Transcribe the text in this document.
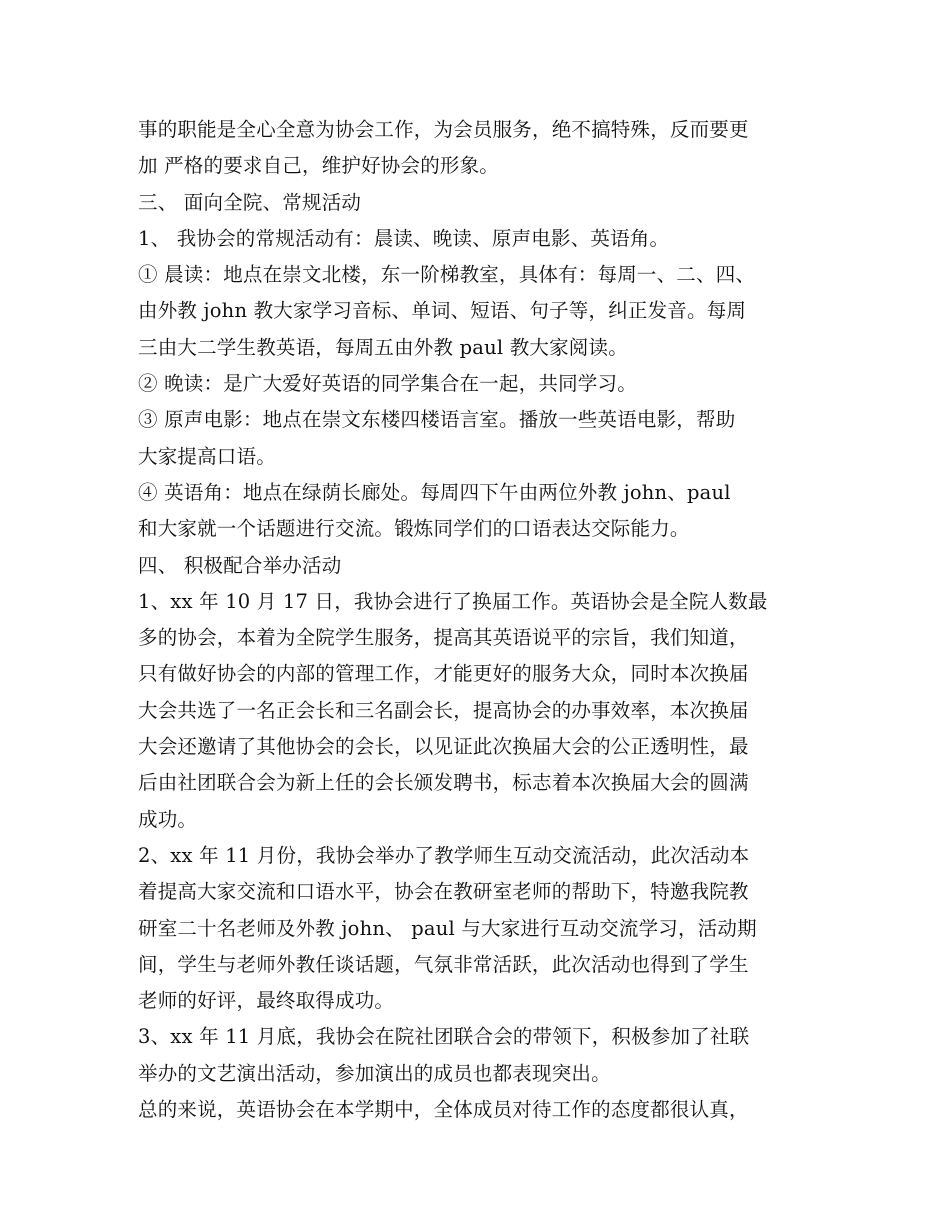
事的职能是全心全意为协会工作，为会员服务，绝不搞特殊，反而要更
加 严格的要求自己，维护好协会的形象。
三、 面向全院、常规活动
1、 我协会的常规活动有：晨读、晚读、原声电影、英语角。
① 晨读：地点在崇文北楼，东一阶梯教室，具体有：每周一、二、四、
由外教 john 教大家学习音标、单词、短语、句子等，纠正发音。每周
三由大二学生教英语，每周五由外教 paul 教大家阅读。
② 晚读：是广大爱好英语的同学集合在一起，共同学习。
③ 原声电影：地点在崇文东楼四楼语言室。播放一些英语电影，帮助
大家提高口语。
④ 英语角：地点在绿荫长廊处。每周四下午由两位外教 john、paul
和大家就一个话题进行交流。锻炼同学们的口语表达交际能力。
四、 积极配合举办活动
1、xx 年 10 月 17 日，我协会进行了换届工作。英语协会是全院人数最
多的协会，本着为全院学生服务，提高其英语说平的宗旨，我们知道，
只有做好协会的内部的管理工作，才能更好的服务大众，同时本次换届
大会共选了一名正会长和三名副会长，提高协会的办事效率，本次换届
大会还邀请了其他协会的会长，以见证此次换届大会的公正透明性，最
后由社团联合会为新上任的会长颁发聘书，标志着本次换届大会的圆满
成功。
2、xx 年 11 月份，我协会举办了教学师生互动交流活动，此次活动本
着提高大家交流和口语水平，协会在教研室老师的帮助下，特邀我院教
研室二十名老师及外教 john、 paul 与大家进行互动交流学习，活动期
间，学生与老师外教任谈话题，气氛非常活跃，此次活动也得到了学生
老师的好评，最终取得成功。
3、xx 年 11 月底，我协会在院社团联合会的带领下，积极参加了社联
举办的文艺演出活动，参加演出的成员也都表现突出。
总的来说，英语协会在本学期中，全体成员对待工作的态度都很认真，
